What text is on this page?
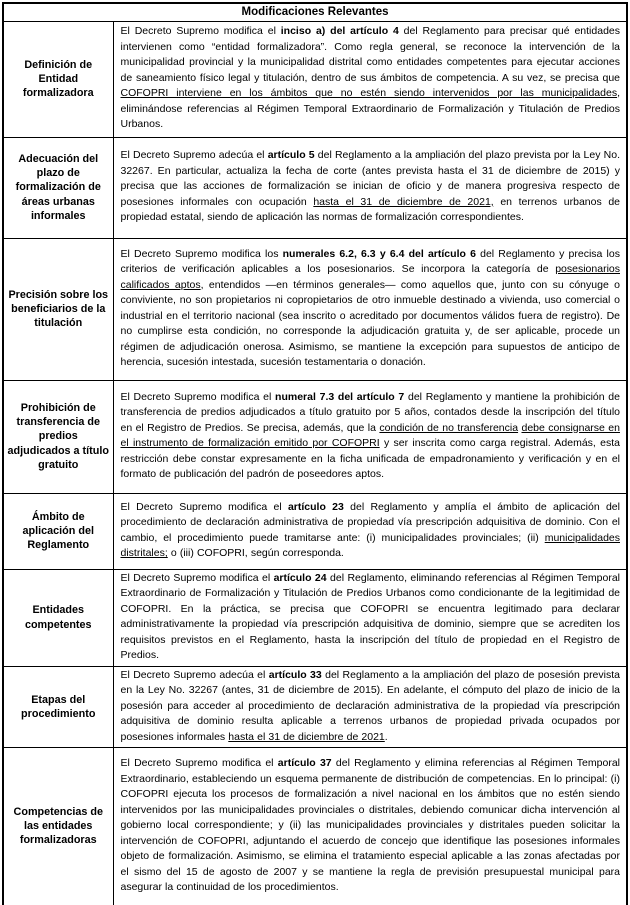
Modificaciones Relevantes	
Definición de Entidad formalizadora	El Decreto Supremo modifica el inciso a) del artículo 4 del Reglamento para precisar qué entidades intervienen como “entidad formalizadora”. Como regla general, se reconoce la intervención de la municipalidad provincial y la municipalidad distrital como entidades competentes para ejecutar acciones de saneamiento físico legal y titulación, dentro de sus ámbitos de competencia. A su vez, se precisa que COFOPRI interviene en los ámbitos que no estén siendo intervenidos por las municipalidades, eliminándose referencias al Régimen Temporal Extraordinario de Formalización y Titulación de Predios Urbanos.
Adecuación del plazo de formalización de áreas urbanas informales	El Decreto Supremo adecúa el artículo 5 del Reglamento a la ampliación del plazo prevista por la Ley No. 32267. En particular, actualiza la fecha de corte (antes prevista hasta el 31 de diciembre de 2015) y precisa que las acciones de formalización se inician de oficio y de manera progresiva respecto de posesiones informales con ocupación hasta el 31 de diciembre de 2021, en terrenos urbanos de propiedad estatal, siendo de aplicación las normas de formalización correspondientes.
Precisión sobre los beneficiarios de la titulación	El Decreto Supremo modifica los numerales 6.2, 6.3 y 6.4 del artículo 6 del Reglamento y precisa los criterios de verificación aplicables a los posesionarios. Se incorpora la categoría de posesionarios calificados aptos, entendidos —en términos generales— como aquellos que, junto con su cónyuge o conviviente, no son propietarios ni copropietarios de otro inmueble destinado a vivienda, uso comercial o industrial en el territorio nacional (sea inscrito o acreditado por documentos válidos fuera de registro). De no cumplirse esta condición, no corresponde la adjudicación gratuita y, de ser aplicable, procede un régimen de adjudicación onerosa. Asimismo, se mantiene la excepción para supuestos de anticipo de herencia, sucesión intestada, sucesión testamentaria o donación.
Prohibición de transferencia de predios adjudicados a título gratuito	El Decreto Supremo modifica el numeral 7.3 del artículo 7 del Reglamento y mantiene la prohibición de transferencia de predios adjudicados a título gratuito por 5 años, contados desde la inscripción del título en el Registro de Predios. Se precisa, además, que la condición de no transferencia debe consignarse en el instrumento de formalización emitido por COFOPRI y ser inscrita como carga registral. Además, esta restricción debe constar expresamente en la ficha unificada de empadronamiento y verificación y en el formato de publicación del padrón de poseedores aptos.
Ámbito de aplicación del Reglamento	El Decreto Supremo modifica el artículo 23 del Reglamento y amplía el ámbito de aplicación del procedimiento de declaración administrativa de propiedad vía prescripción adquisitiva de dominio. Con el cambio, el procedimiento puede tramitarse ante: (i) municipalidades provinciales; (ii) municipalidades distritales; o (iii) COFOPRI, según corresponda.
Entidades competentes	El Decreto Supremo modifica el artículo 24 del Reglamento, eliminando referencias al Régimen Temporal Extraordinario de Formalización y Titulación de Predios Urbanos como condicionante de la legitimidad de COFOPRI. En la práctica, se precisa que COFOPRI se encuentra legitimado para declarar administrativamente la propiedad vía prescripción adquisitiva de dominio, siempre que se acrediten los requisitos previstos en el Reglamento, hasta la inscripción del título de propiedad en el Registro de Predios.
Etapas del procedimiento	El Decreto Supremo adecúa el artículo 33 del Reglamento a la ampliación del plazo de posesión prevista en la Ley No. 32267 (antes, 31 de diciembre de 2015). En adelante, el cómputo del plazo de inicio de la posesión para acceder al procedimiento de declaración administrativa de la propiedad vía prescripción adquisitiva de dominio resulta aplicable a terrenos urbanos de propiedad privada ocupados por posesiones informales hasta el 31 de diciembre de 2021.
Competencias de las entidades formalizadoras	El Decreto Supremo modifica el artículo 37 del Reglamento y elimina referencias al Régimen Temporal Extraordinario, estableciendo un esquema permanente de distribución de competencias. En lo principal: (i) COFOPRI ejecuta los procesos de formalización a nivel nacional en los ámbitos que no estén siendo intervenidos por las municipalidades provinciales o distritales, debiendo comunicar dicha intervención al gobierno local correspondiente; y (ii) las municipalidades provinciales y distritales pueden solicitar la intervención de COFOPRI, adjuntando el acuerdo de concejo que identifique las posesiones informales objeto de formalización. Asimismo, se elimina el tratamiento especial aplicable a las zonas afectadas por el sismo del 15 de agosto de 2007 y se mantiene la regla de previsión presupuestal municipal para asegurar la continuidad de los procedimientos.
